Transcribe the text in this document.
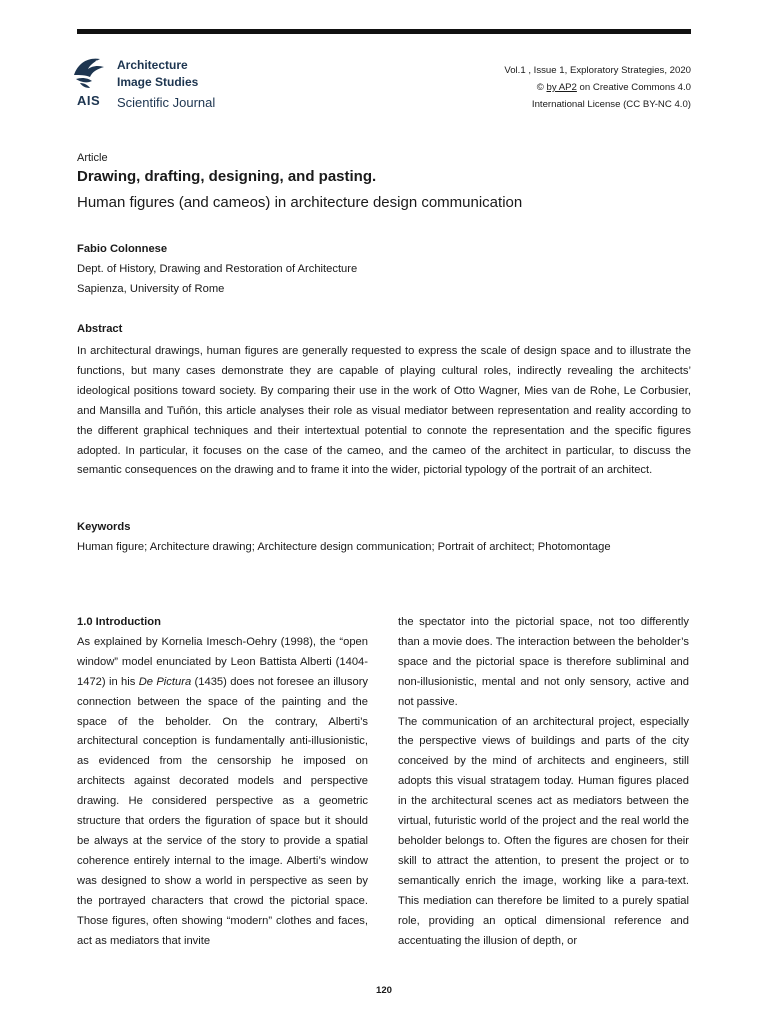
AIS
Architecture
Image Studies
Scientific Journal
Vol.1 , Issue 1, Exploratory Strategies, 2020
© by AP2 on Creative Commons 4.0
International License (CC BY-NC 4.0)
Article
Drawing, drafting, designing, and pasting.
Human figures (and cameos) in architecture design communication
Fabio Colonnese
Dept. of History, Drawing and Restoration of Architecture
Sapienza, University of Rome
Abstract
In architectural drawings, human figures are generally requested to express the scale of design space and to illustrate the functions, but many cases demonstrate they are capable of playing cultural roles, indirectly revealing the architects’ ideological positions toward society. By comparing their use in the work of Otto Wagner, Mies van de Rohe, Le Corbusier, and Mansilla and Tuñón, this article analyses their role as visual mediator between representation and reality according to the different graphical techniques and their intertextual potential to connote the representation and the specific figures adopted. In particular, it focuses on the case of the cameo, and the cameo of the architect in particular, to discuss the semantic consequences on the drawing and to frame it into the wider, pictorial typology of the portrait of an architect.
Keywords
Human figure; Architecture drawing; Architecture design communication; Portrait of architect; Photomontage

1.0 Introduction

As explained by Kornelia Imesch-Oehry (1998), the “open window” model enunciated by Leon Battista Alberti (1404-1472) in his De Pictura (1435) does not foresee an illusory connection between the space of the painting and the space of the beholder. On the contrary, Alberti’s architectural conception is fundamentally anti-illusionistic, as evidenced from the censorship he imposed on architects against decorated models and perspective drawing. He considered perspective as a geometric structure that orders the figuration of space but it should be always at the service of the story to provide a spatial coherence entirely internal to the image. Alberti’s window was designed to show a world in perspective as seen by the portrayed characters that crowd the pictorial space. Those figures, often showing “modern” clothes and faces, act as mediators that invite

the spectator into the pictorial space, not too differently than a movie does. The interaction between the beholder’s space and the pictorial space is therefore subliminal and non-illusionistic, mental and not only sensory, active and not passive.

The communication of an architectural project, especially the perspective views of buildings and parts of the city conceived by the mind of architects and engineers, still adopts this visual stratagem today. Human figures placed in the architectural scenes act as mediators between the virtual, futuristic world of the project and the real world the beholder belongs to. Often the figures are chosen for their skill to attract the attention, to present the project or to semantically enrich the image, working like a para-text. This mediation can therefore be limited to a purely spatial role, providing an optical dimensional reference and accentuating the illusion of depth, or

120
